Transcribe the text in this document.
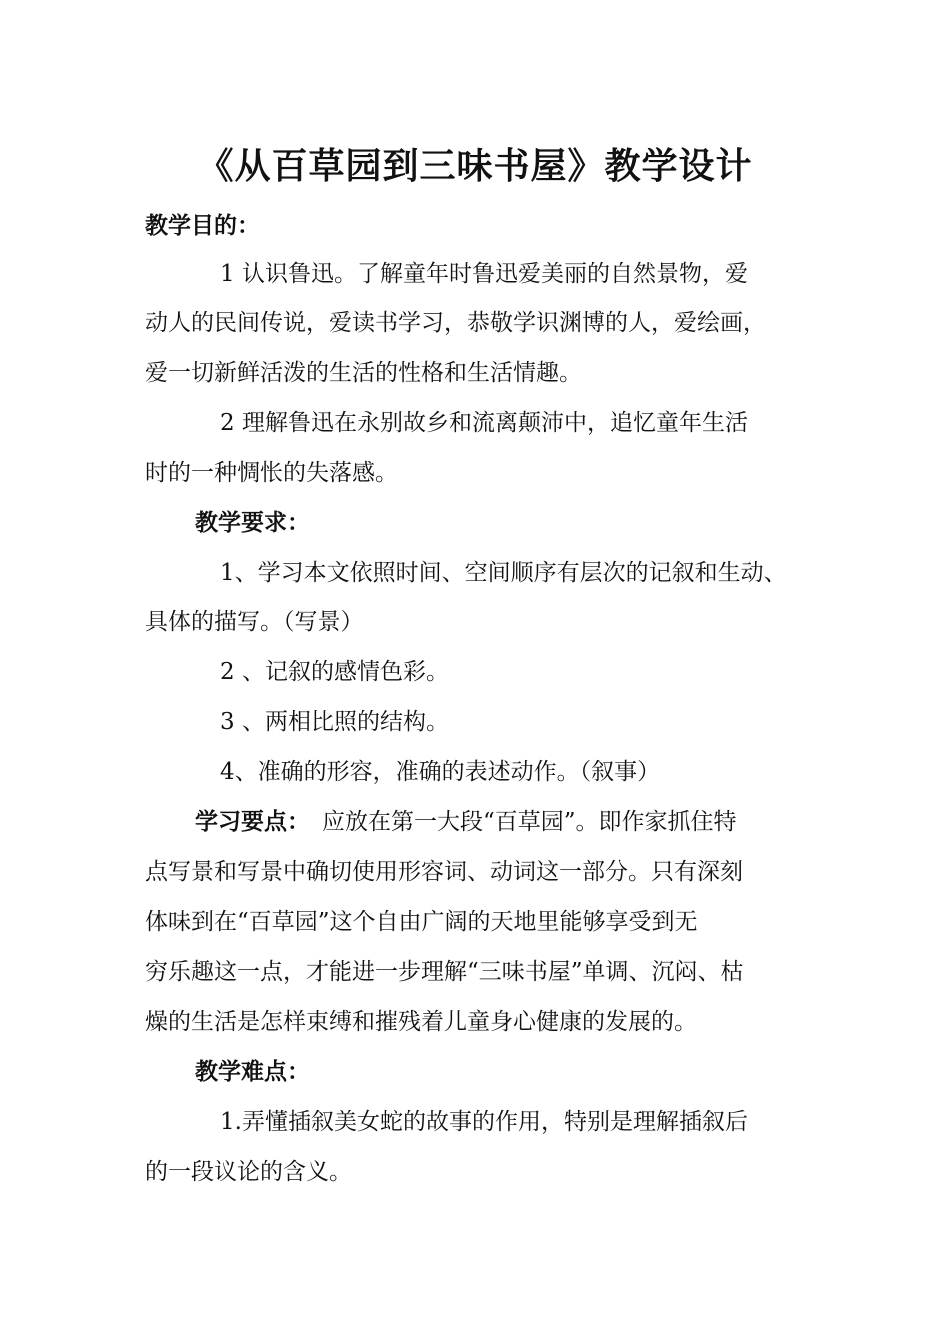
《从百草园到三味书屋》教学设计
教学目的：
1 认识鲁迅。了解童年时鲁迅爱美丽的自然景物，爱
动人的民间传说，爱读书学习，恭敬学识渊博的人，爱绘画，
爱一切新鲜活泼的生活的性格和生活情趣。
2 理解鲁迅在永别故乡和流离颠沛中，追忆童年生活
时的一种惆怅的失落感。
教学要求：
1、学习本文依照时间、空间顺序有层次的记叙和生动、
具体的描写。（写景）
2 、记叙的感情色彩。
3 、两相比照的结构。
4、准确的形容，准确的表述动作。（叙事）
学习要点： 应放在第一大段“百草园”。即作家抓住特
点写景和写景中确切使用形容词、动词这一部分。只有深刻
体味到在“百草园”这个自由广阔的天地里能够享受到无
穷乐趣这一点，才能进一步理解“三味书屋”单调、沉闷、枯
燥的生活是怎样束缚和摧残着儿童身心健康的发展的。
教学难点：
1.弄懂插叙美女蛇的故事的作用，特别是理解插叙后
的一段议论的含义。
